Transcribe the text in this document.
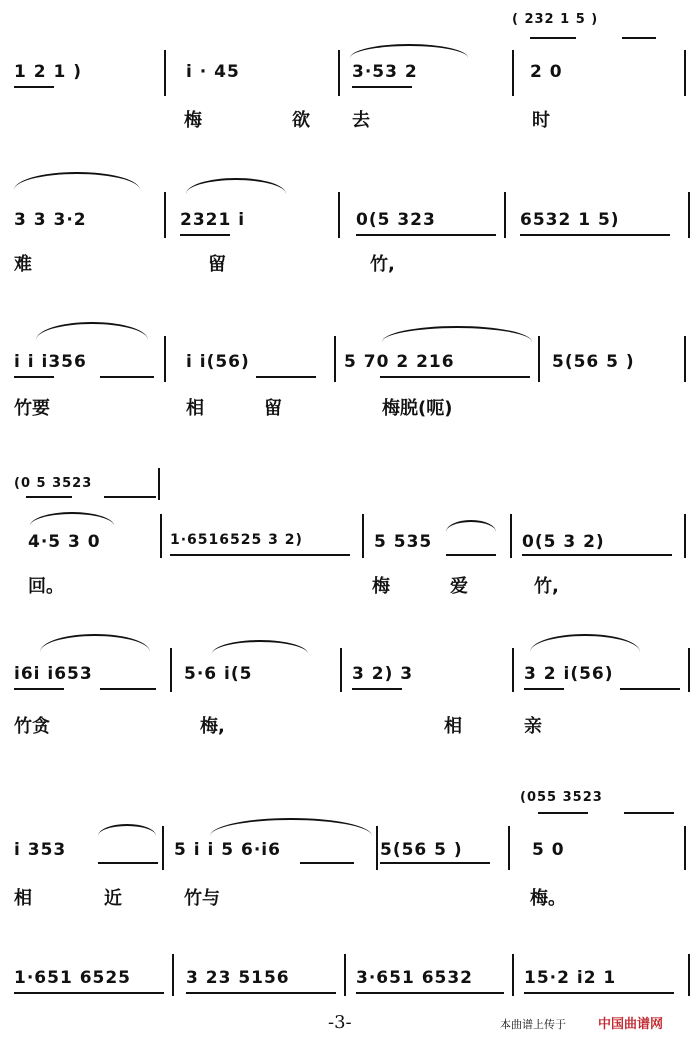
( 232 1 5 )
1 2 1 )	i · 45	3·53 2	2 0
梅	欲 去	时
3 3 3·2	2321 i	0(5 323	6532 1 5)
难	留	竹,
i i i356	i i(56)	5 70 2 216	5(56 5 )
竹要	相	留	梅脱(呃)
(0 5 3523
4·5 3 0	1·6516525 3 2)	5 535	0(5 3 2)
回。	梅	爱	竹,
i6i i653	5·6 i(5	3 2) 3	3 2 i(56)
竹贪	梅,	相	亲
(055 3523
i 353	5 i i 5 6·i6	5(56 5 )	5 0
相	近	竹与	梅。
1·651 6525	3 23 5156	3·651 6532	15·2 i2 1
-3-	本曲谱上传于 中国曲谱网
